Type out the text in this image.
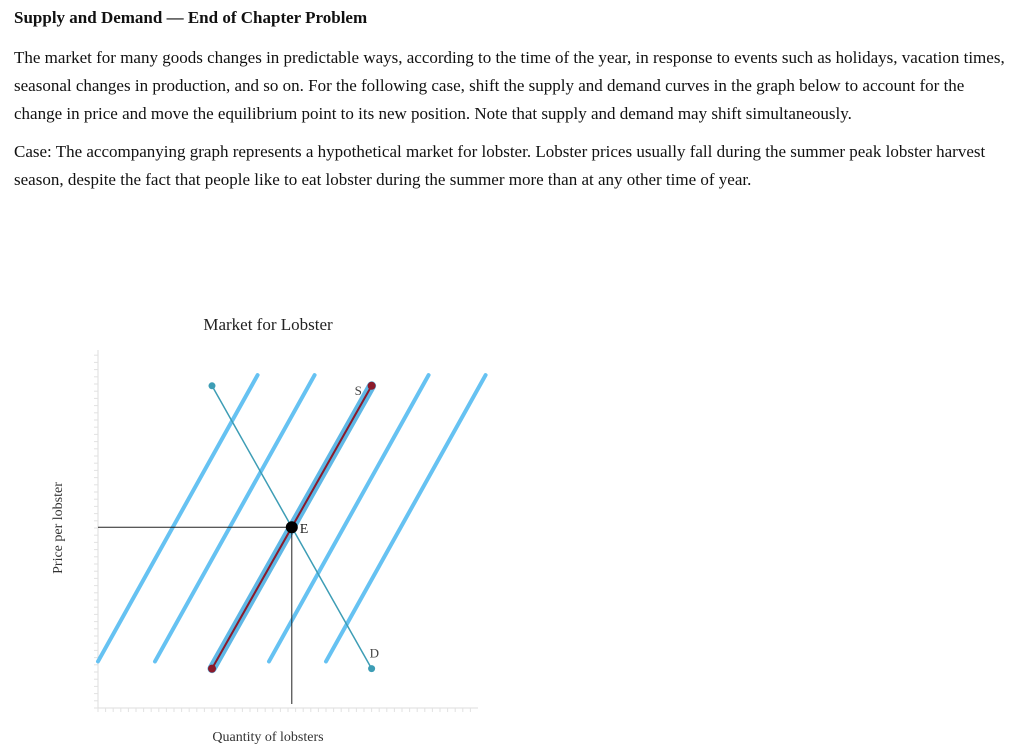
Supply and Demand — End of Chapter Problem

The market for many goods changes in predictable ways, according to the time of the year, in response to events such as holidays, vacation times, seasonal changes in production, and so on. For the following case, shift the supply and demand curves in the graph below to account for the change in price and move the equilibrium point to its new position. Note that supply and demand may shift simultaneously.

Case: The accompanying graph represents a hypothetical market for lobster. Lobster prices usually fall during the summer peak lobster harvest season, despite the fact that people like to eat lobster during the summer more than at any other time of year.

Market for Lobster
Price per lobster
Quantity of lobsters
S
D
E
